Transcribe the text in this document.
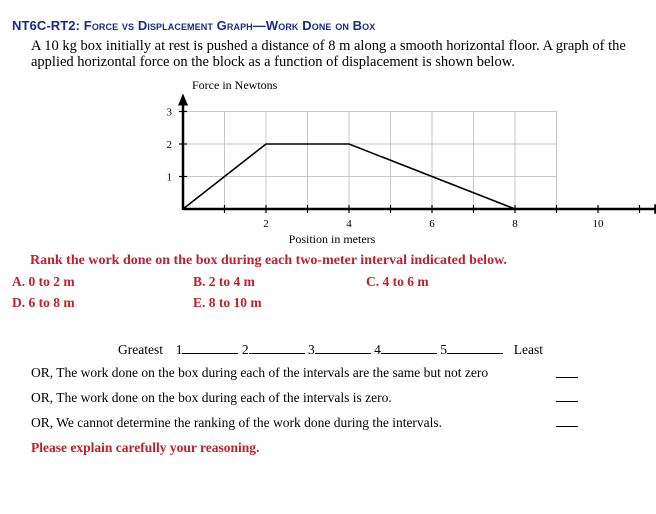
NT6C-RT2: Force vs Displacement Graph—Work Done on Box
A 10 kg box initially at rest is pushed a distance of 8 m along a smooth horizontal floor. A graph of the applied horizontal force on the block as a function of displacement is shown below.
2	4	6	8	10
1
2
3
Force in Newtons
Position in meters
Rank the work done on the box during each two-meter interval indicated below.
A. 0 to 2 m	B. 2 to 4 m	C. 4 to 6 m
D. 6 to 8 m	E. 8 to 10 m
Greatest 1	2	3	4	5	Least
OR, The work done on the box during each of the intervals are the same but not zero
OR, The work done on the box during each of the intervals is zero.
OR, We cannot determine the ranking of the work done during the intervals.
Please explain carefully your reasoning.
